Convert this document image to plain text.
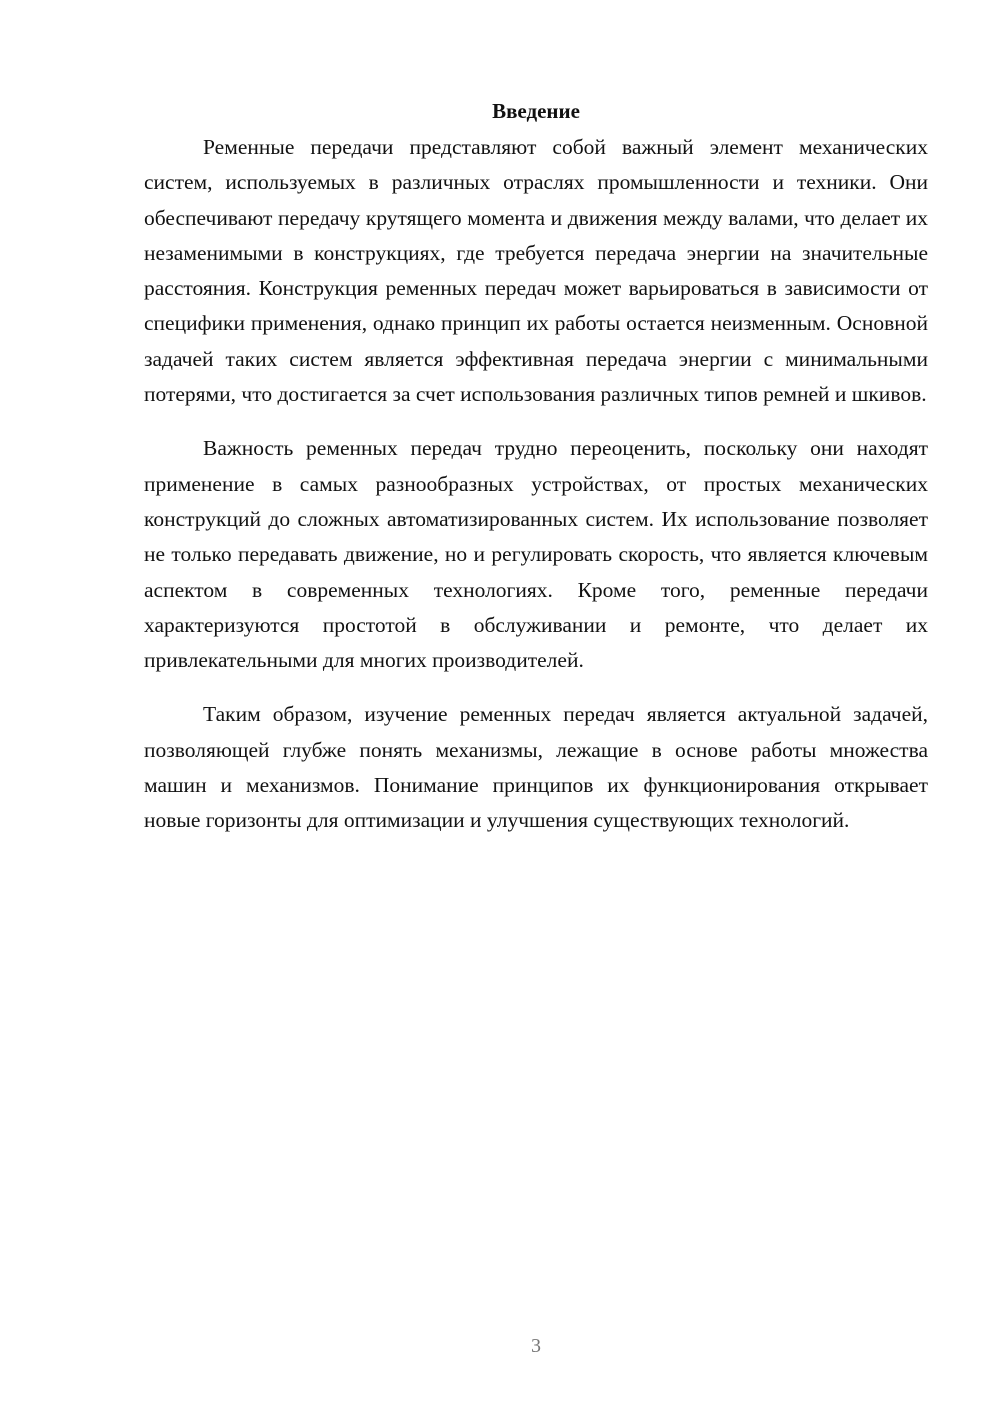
Введение

Ременные передачи представляют собой важный элемент механических систем, используемых в различных отраслях промышленности и техники. Они обеспечивают передачу крутящего момента и движения между валами, что делает их незаменимыми в конструкциях, где требуется передача энергии на значительные расстояния. Конструкция ременных передач может варьироваться в зависимости от специфики применения, однако принцип их работы остается неизменным. Основной задачей таких систем является эффективная передача энергии с минимальными потерями, что достигается за счет использования различных типов ремней и шкивов.

Важность ременных передач трудно переоценить, поскольку они находят применение в самых разнообразных устройствах, от простых механических конструкций до сложных автоматизированных систем. Их использование позволяет не только передавать движение, но и регулировать скорость, что является ключевым аспектом в современных технологиях. Кроме того, ременные передачи характеризуются простотой в обслуживании и ремонте, что делает их привлекательными для многих производителей.

Таким образом, изучение ременных передач является актуальной задачей, позволяющей глубже понять механизмы, лежащие в основе работы множества машин и механизмов. Понимание принципов их функционирования открывает новые горизонты для оптимизации и улучшения существующих технологий.

3
